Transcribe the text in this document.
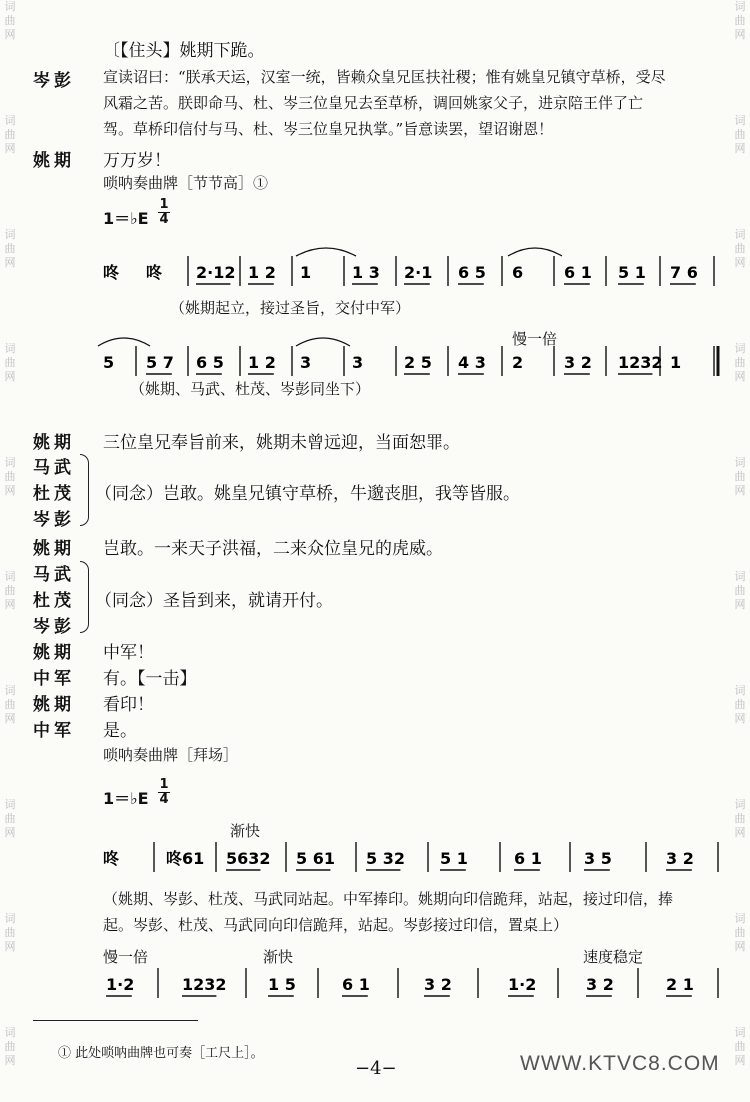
词
曲
网
词
曲
网
词
曲
网
词
曲
网
词
曲
网
词
曲
网
词
曲
网
词
曲
网
词
曲
网
词
曲
网
词
曲
网
词
曲
网
词
曲
网
词
曲
网
词
曲
网
词
曲
网
词
曲
网
词
曲
网
词
曲
网
词
曲
网
〔【住头】姚期下跪。
岑彭 宣读诏曰：“朕承天运，汉室一统，皆赖众皇兄匡扶社稷；惟有姚皇兄镇守草桥，受尽
风霜之苦。朕即命马、杜、岑三位皇兄去至草桥，调回姚家父子，进京陪王伴了亡
驾。草桥印信付与马、杜、岑三位皇兄执掌。”旨意读罢，望诏谢恩！
姚期 万万岁！
唢呐奏曲牌［节节高］①
1＝♭E
1
4
咚 咚 2·12 1 2 1	1 3 2·1 6 5 6	6 1 5 1 7 6
5 5 7 6 5 1 2 3	3	2 5 4 3 2	3 2 1232 1
（姚期起立，接过圣旨，交付中军）
慢一倍
（姚期、马武、杜茂、岑彭同坐下）
姚期 三位皇兄奉旨前来，姚期未曾远迎，当面恕罪。
马武
杜茂
岑彭
（同念）岂敢。姚皇兄镇守草桥，牛邈丧胆，我等皆服。
姚期 岂敢。一来天子洪福，二来众位皇兄的虎威。
马武
杜茂
岑彭
（同念）圣旨到来，就请开付。
姚期 中军！
中军 有。【一击】
姚期 看印！
中军 是。
唢呐奏曲牌［拜场］
1＝♭E
1
4
渐快
咚	咚61 5632 5 61 5 32 5 1	6 1	3 5	3 2
1·2	1232	1 5	6 1	3 2	1·2	3 2	2 1
（姚期、岑彭、杜茂、马武同站起。中军捧印。姚期向印信跪拜，站起，接过印信，捧
起。岑彭、杜茂、马武同向印信跪拜，站起。岑彭接过印信，置桌上）
慢一倍	渐快	速度稳定
① 此处唢呐曲牌也可奏［工尺上］。
−4−	WWW.KTVC8.COM
